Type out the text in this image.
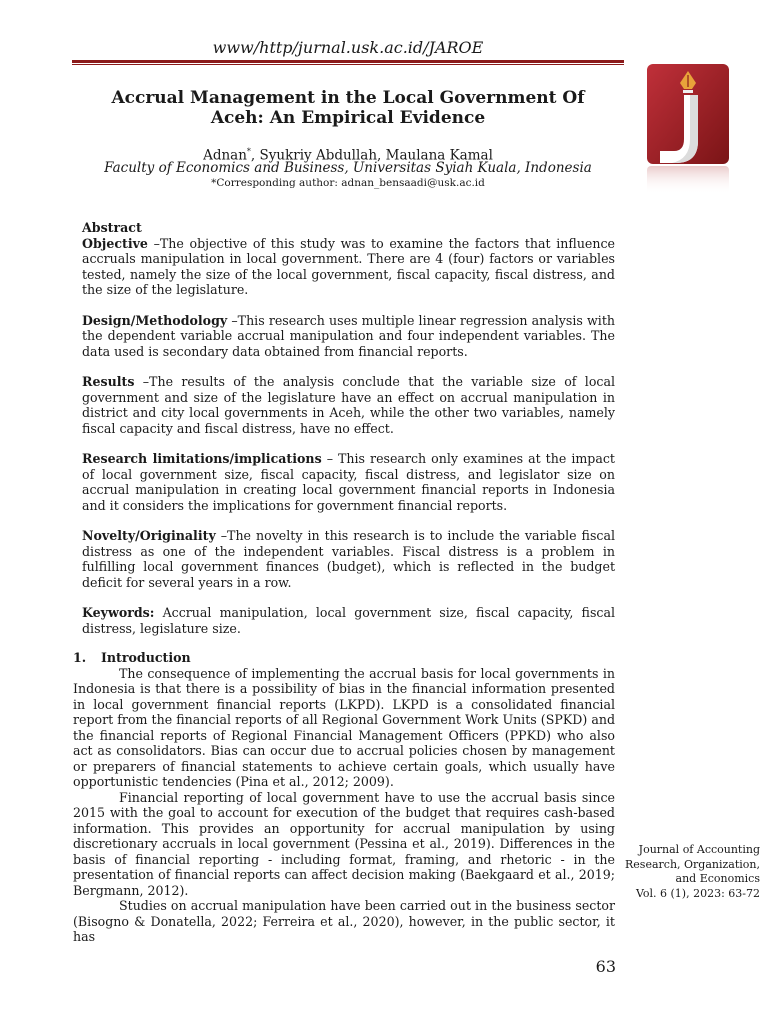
www/http/jurnal.usk.ac.id/JAROE
Accrual Management in the Local Government Of
Aceh: An Empirical Evidence
Adnan*, Syukriy Abdullah, Maulana Kamal
Faculty of Economics and Business, Universitas Syiah Kuala, Indonesia
*Corresponding author: adnan_bensaadi@usk.ac.id
Abstract

Objective –The objective of this study was to examine the factors that influence accruals manipulation in local government. There are 4 (four) factors or variables tested, namely the size of the local government, fiscal capacity, fiscal distress, and the size of the legislature.

Design/Methodology –This research uses multiple linear regression analysis with the dependent variable accrual manipulation and four independent variables. The data used is secondary data obtained from financial reports.

Results –The results of the analysis conclude that the variable size of local government and size of the legislature have an effect on accrual manipulation in district and city local governments in Aceh, while the other two variables, namely fiscal capacity and fiscal distress, have no effect.

Research limitations/implications – This research only examines at the impact of local government size, fiscal capacity, fiscal distress, and legislator size on accrual manipulation in creating local government financial reports in Indonesia and it considers the implications for government financial reports.

Novelty/Originality –The novelty in this research is to include the variable fiscal distress as one of the independent variables. Fiscal distress is a problem in fulfilling local government finances (budget), which is reflected in the budget deficit for several years in a row.

Keywords: Accrual manipulation, local government size, fiscal capacity, fiscal distress, legislature size.

1. Introduction

The consequence of implementing the accrual basis for local governments in Indonesia is that there is a possibility of bias in the financial information presented in local government financial reports (LKPD). LKPD is a consolidated financial report from the financial reports of all Regional Government Work Units (SPKD) and the financial reports of Regional Financial Management Officers (PPKD) who also act as consolidators. Bias can occur due to accrual policies chosen by management or preparers of financial statements to achieve certain goals, which usually have opportunistic tendencies (Pina et al., 2012; 2009).

Financial reporting of local government have to use the accrual basis since 2015 with the goal to account for execution of the budget that requires cash-based information. This provides an opportunity for accrual manipulation by using discretionary accruals in local government (Pessina et al., 2019). Differences in the basis of financial reporting - including format, framing, and rhetoric - in the presentation of financial reports can affect decision making (Baekgaard et al., 2019; Bergmann, 2012).

Studies on accrual manipulation have been carried out in the business sector (Bisogno & Donatella, 2022; Ferreira et al., 2020), however, in the public sector, it has

Journal of Accounting
Research, Organization,
and Economics
Vol. 6 (1), 2023: 63-72
63
